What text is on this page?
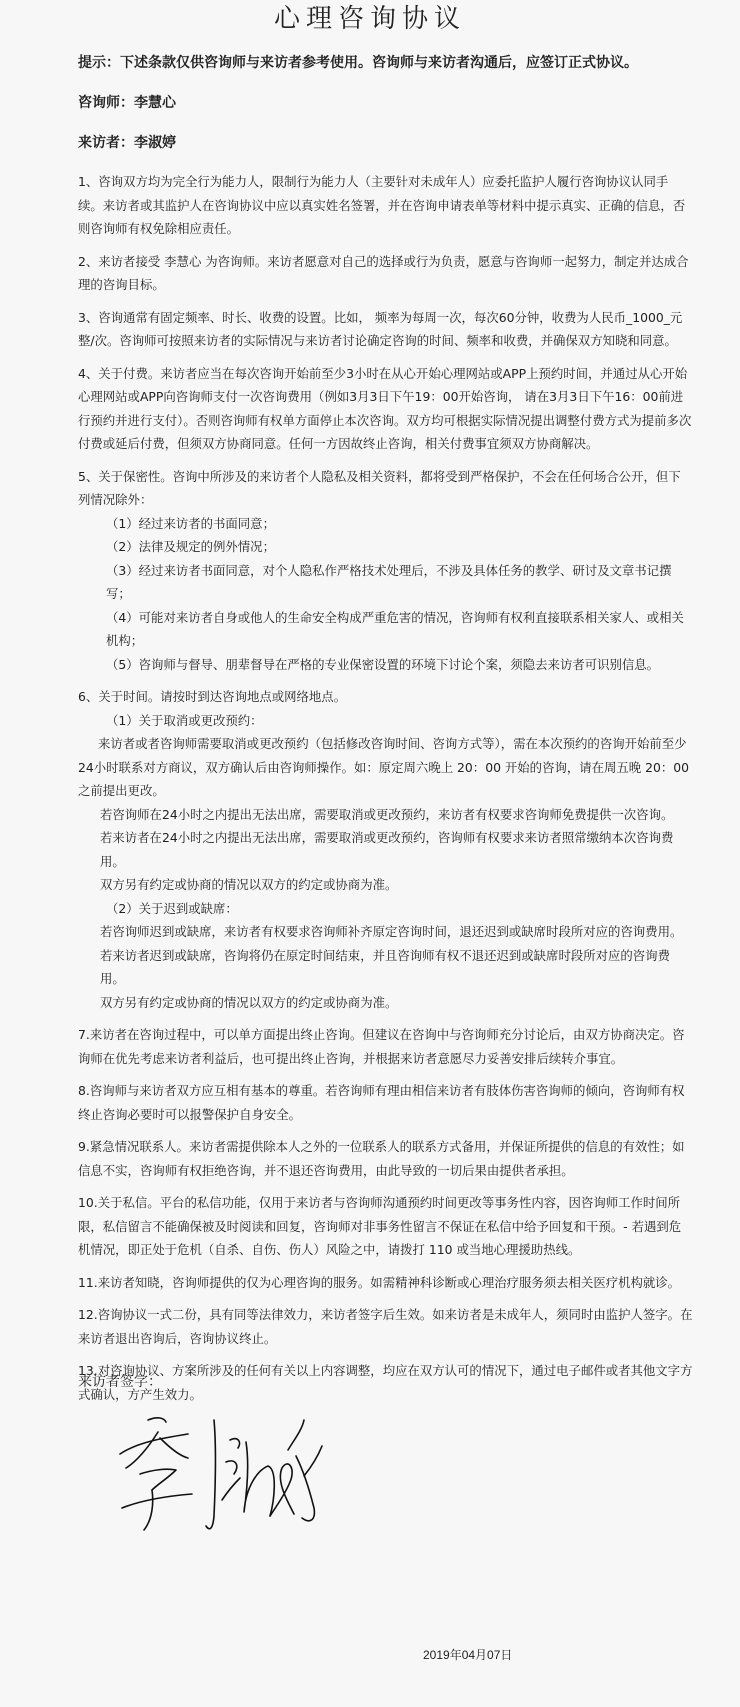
心理咨询协议
提示：下述条款仅供咨询师与来访者参考使用。咨询师与来访者沟通后，应签订正式协议。
咨询师：李慧心
来访者：李淑婷
1、咨询双方均为完全行为能力人，限制行为能力人（主要针对未成年人）应委托监护人履行咨询协议认同手续。来访者或其监护人在咨询协议中应以真实姓名签署，并在咨询申请表单等材料中提示真实、正确的信息，否则咨询师有权免除相应责任。
2、来访者接受 李慧心 为咨询师。来访者愿意对自己的选择或行为负责，愿意与咨询师一起努力，制定并达成合理的咨询目标。
3、咨询通常有固定频率、时长、收费的设置。比如， 频率为每周一次，每次60分钟，收费为人民币_1000_元整/次。咨询师可按照来访者的实际情况与来访者讨论确定咨询的时间、频率和收费，并确保双方知晓和同意。
4、关于付费。来访者应当在每次咨询开始前至少3小时在从心开始心理网站或APP上预约时间，并通过从心开始心理网站或APP向咨询师支付一次咨询费用（例如3月3日下午19：00开始咨询， 请在3月3日下午16：00前进行预约并进行支付）。否则咨询师有权单方面停止本次咨询。双方均可根据实际情况提出调整付费方式为提前多次付费或延后付费，但须双方协商同意。任何一方因故终止咨询，相关付费事宜须双方协商解决。
5、关于保密性。咨询中所涉及的来访者个人隐私及相关资料，都将受到严格保护，不会在任何场合公开，但下列情况除外：
（1）经过来访者的书面同意；
（2）法律及规定的例外情况；
（3）经过来访者书面同意，对个人隐私作严格技术处理后，不涉及具体任务的教学、研讨及文章书记撰写；
（4）可能对来访者自身或他人的生命安全构成严重危害的情况，咨询师有权利直接联系相关家人、或相关机构；
（5）咨询师与督导、朋辈督导在严格的专业保密设置的环境下讨论个案，须隐去来访者可识别信息。
6、关于时间。请按时到达咨询地点或网络地点。
（1）关于取消或更改预约：
来访者或者咨询师需要取消或更改预约（包括修改咨询时间、咨询方式等），需在本次预约的咨询开始前至少24小时联系对方商议，双方确认后由咨询师操作。如：原定周六晚上 20：00 开始的咨询，请在周五晚 20：00 之前提出更改。
若咨询师在24小时之内提出无法出席，需要取消或更改预约，来访者有权要求咨询师免费提供一次咨询。
若来访者在24小时之内提出无法出席，需要取消或更改预约，咨询师有权要求来访者照常缴纳本次咨询费用。
双方另有约定或协商的情况以双方的约定或协商为准。
（2）关于迟到或缺席：
若咨询师迟到或缺席，来访者有权要求咨询师补齐原定咨询时间，退还迟到或缺席时段所对应的咨询费用。
若来访者迟到或缺席，咨询将仍在原定时间结束，并且咨询师有权不退还迟到或缺席时段所对应的咨询费用。
双方另有约定或协商的情况以双方的约定或协商为准。
7.来访者在咨询过程中，可以单方面提出终止咨询。但建议在咨询中与咨询师充分讨论后，由双方协商决定。咨询师在优先考虑来访者利益后，也可提出终止咨询，并根据来访者意愿尽力妥善安排后续转介事宜。
8.咨询师与来访者双方应互相有基本的尊重。若咨询师有理由相信来访者有肢体伤害咨询师的倾向，咨询师有权终止咨询必要时可以报警保护自身安全。
9.紧急情况联系人。来访者需提供除本人之外的一位联系人的联系方式备用，并保证所提供的信息的有效性；如信息不实，咨询师有权拒绝咨询，并不退还咨询费用，由此导致的一切后果由提供者承担。
10.关于私信。平台的私信功能，仅用于来访者与咨询师沟通预约时间更改等事务性内容，因咨询师工作时间所限，私信留言不能确保被及时阅读和回复，咨询师对非事务性留言不保证在私信中给予回复和干预。- 若遇到危机情况，即正处于危机（自杀、自伤、伤人）风险之中，请拨打 110 或当地心理援助热线。
11.来访者知晓，咨询师提供的仅为心理咨询的服务。如需精神科诊断或心理治疗服务须去相关医疗机构就诊。
12.咨询协议一式二份，具有同等法律效力，来访者签字后生效。如来访者是未成年人，须同时由监护人签字。在来访者退出咨询后，咨询协议终止。
13.对咨询协议、方案所涉及的任何有关以上内容调整，均应在双方认可的情况下，通过电子邮件或者其他文字方式确认，方产生效力。
来访者签字：
2019年04月07日
